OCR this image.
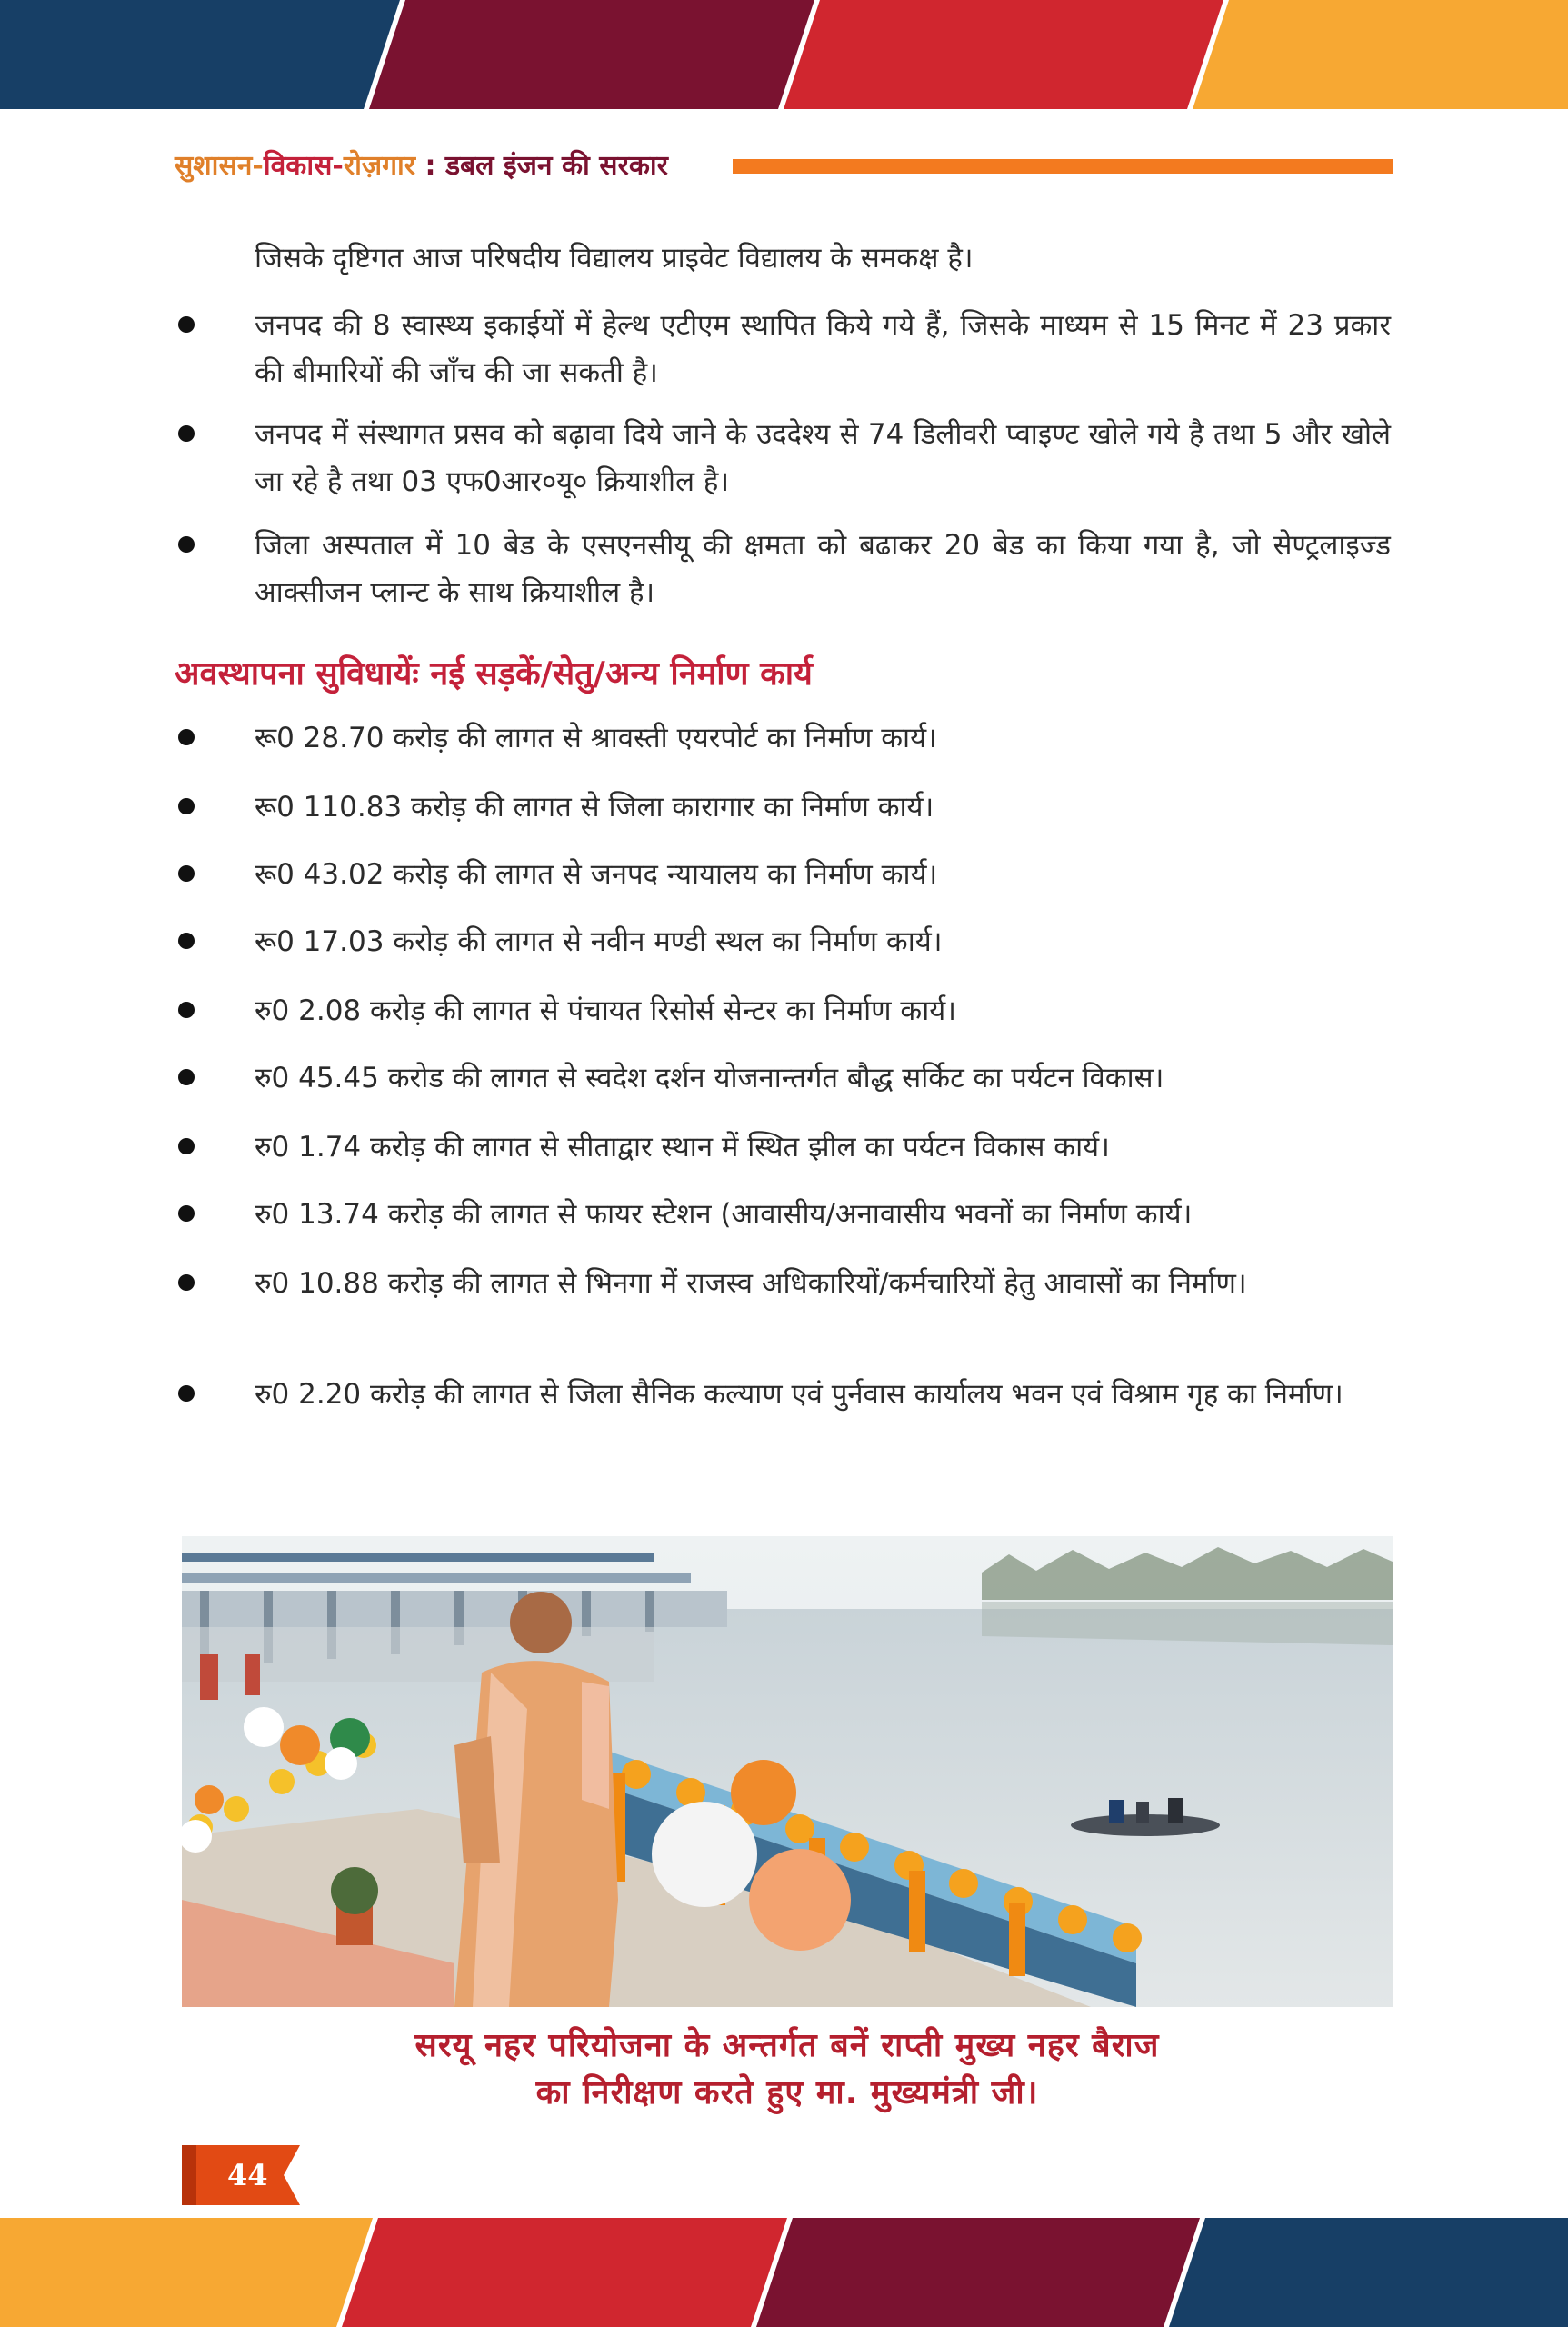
सुशासन-विकास-रोज़गार : डबल इंजन की सरकार
जिसके दृष्टिगत आज परिषदीय विद्यालय प्राइवेट विद्यालय के समकक्ष है।
जनपद की 8 स्वास्थ्य इकाईयों में हेल्थ एटीएम स्थापित किये गये हैं, जिसके माध्यम से 15 मिनट में 23 प्रकार की बीमारियों की जाँच की जा सकती है।
जनपद में संस्थागत प्रसव को बढ़ावा दिये जाने के उददेश्य से 74 डिलीवरी प्वाइण्ट खोले गये है तथा 5 और खोले जा रहे है तथा 03 एफ0आर०यू० क्रियाशील है।
जिला अस्पताल में 10 बेड के एसएनसीयू की क्षमता को बढाकर 20 बेड का किया गया है, जो सेण्ट्रलाइज्ड आक्सीजन प्लान्ट के साथ क्रियाशील है।
अवस्थापना सुविधायेंः नई सड़कें/सेतु/अन्य निर्माण कार्य
रू0 28.70 करोड़ की लागत से श्रावस्ती एयरपोर्ट का निर्माण कार्य।
रू0 110.83 करोड़ की लागत से जिला कारागार का निर्माण कार्य।
रू0 43.02 करोड़ की लागत से जनपद न्यायालय का निर्माण कार्य।
रू0 17.03 करोड़ की लागत से नवीन मण्डी स्थल का निर्माण कार्य।
रु0 2.08 करोड़ की लागत से पंचायत रिसोर्स सेन्टर का निर्माण कार्य।
रु0 45.45 करोड की लागत से स्वदेश दर्शन योजनान्तर्गत बौद्ध सर्किट का पर्यटन विकास।
रु0 1.74 करोड़ की लागत से सीताद्वार स्थान में स्थित झील का पर्यटन विकास कार्य।
रु0 13.74 करोड़ की लागत से फायर स्टेशन (आवासीय/अनावासीय भवनों का निर्माण कार्य।
रु0 10.88 करोड़ की लागत से भिनगा में राजस्व अधिकारियों/कर्मचारियों हेतु आवासों का निर्माण।
रु0 2.20 करोड़ की लागत से जिला सैनिक कल्याण एवं पुर्नवास कार्यालय भवन एवं विश्राम गृह का निर्माण।
सरयू नहर परियोजना के अन्तर्गत बनें राप्ती मुख्य नहर बैराज
का निरीक्षण करते हुए मा. मुख्यमंत्री जी।
44
